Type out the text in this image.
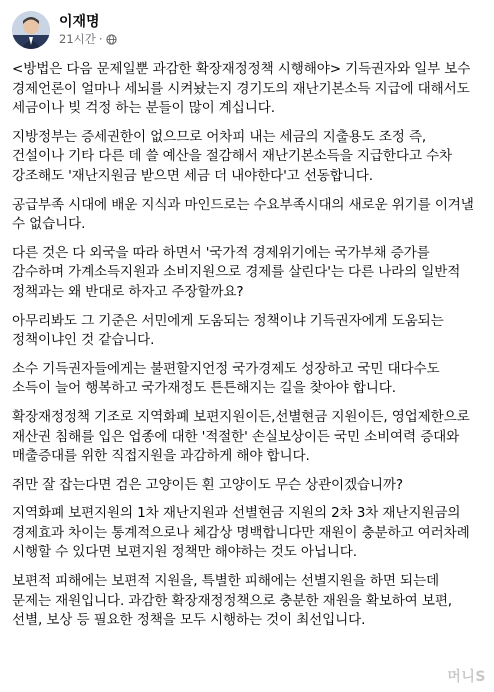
이재명
21시간 ·

<방법은 다음 문제일뿐 과감한 확장재정정책 시행해야> 기득권자와 일부 보수 경제언론이 얼마나 세뇌를 시켜놨는지 경기도의 재난기본소득 지급에 대해서도 세금이나 빚 걱정 하는 분들이 많이 계십니다.

지방정부는 증세권한이 없으므로 어차피 내는 세금의 지출용도 조정 즉, 건설이나 기타 다른 데 쓸 예산을 절감해서 재난기본소득을 지급한다고 수차 강조해도 '재난지원금 받으면 세금 더 내야한다'고 선동합니다.

공급부족 시대에 배운 지식과 마인드로는 수요부족시대의 새로운 위기를 이겨낼 수 없습니다.

다른 것은 다 외국을 따라 하면서 '국가적 경제위기에는 국가부채 증가를 감수하며 가계소득지원과 소비지원으로 경제를 살린다'는 다른 나라의 일반적 정책과는 왜 반대로 하자고 주장할까요?

아무리봐도 그 기준은 서민에게 도움되는 정책이냐 기득권자에게 도움되는 정책이냐인 것 같습니다.

소수 기득권자들에게는 불편할지언정 국가경제도 성장하고 국민 대다수도 소득이 늘어 행복하고 국가재정도 튼튼해지는 길을 찾아야 합니다.

확장재정정책 기조로 지역화폐 보편지원이든,선별현금 지원이든, 영업제한으로 재산권 침해를 입은 업종에 대한 '적절한' 손실보상이든 국민 소비여력 증대와 매출증대를 위한 직접지원을 과감하게 해야 합니다.

쥐만 잘 잡는다면 검은 고양이든 흰 고양이도 무슨 상관이겠습니까?

지역화폐 보편지원의 1차 재난지원과 선별현금 지원의 2차 3차 재난지원금의 경제효과 차이는 통계적으로나 체감상 명백합니다만 재원이 충분하고 여러차례 시행할 수 있다면 보편지원 정책만 해야하는 것도 아닙니다.

보편적 피해에는 보편적 지원을, 특별한 피해에는 선별지원을 하면 되는데 문제는 재원입니다. 과감한 확장재정정책으로 충분한 재원을 확보하여 보편, 선별, 보상 등 필요한 정책을 모두 시행하는 것이 최선입니다.

머니S
